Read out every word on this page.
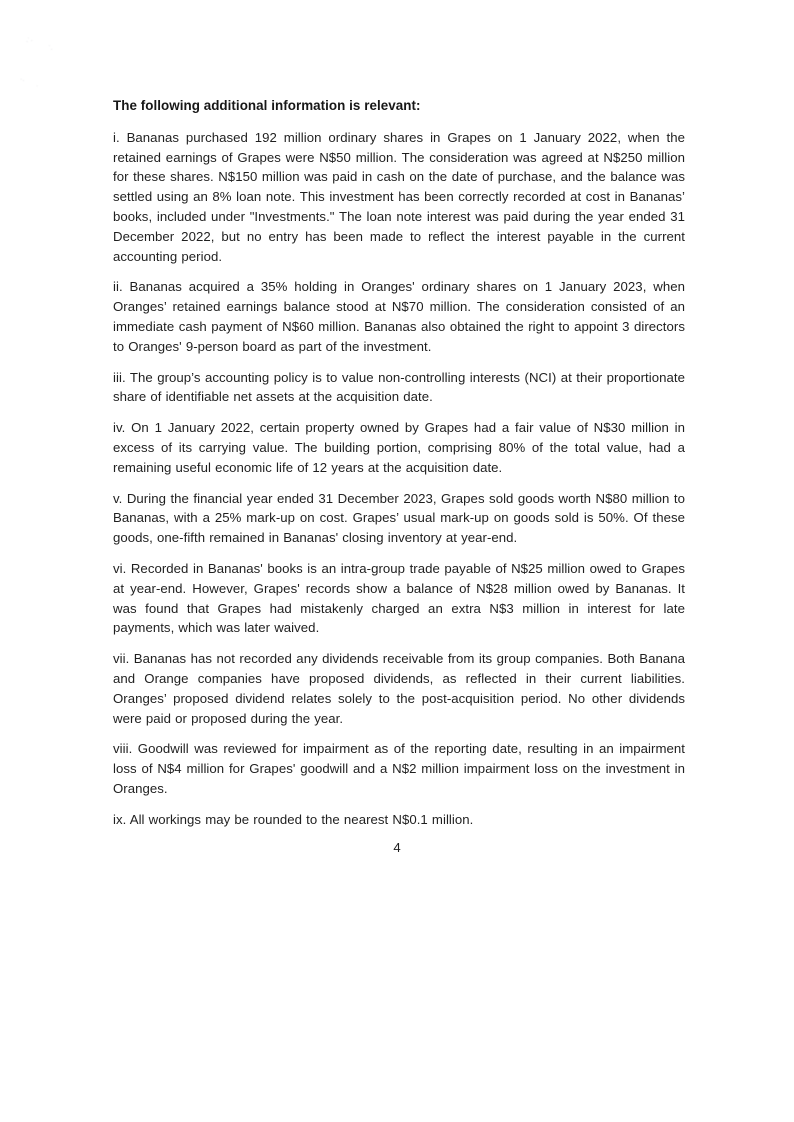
·˙·
˙·
·.
˙
The following additional information is relevant:

i. Bananas purchased 192 million ordinary shares in Grapes on 1 January 2022, when the retained earnings of Grapes were N$50 million. The consideration was agreed at N$250 million for these shares. N$150 million was paid in cash on the date of purchase, and the balance was settled using an 8% loan note. This investment has been correctly recorded at cost in Bananas’ books, included under "Investments." The loan note interest was paid during the year ended 31 December 2022, but no entry has been made to reflect the interest payable in the current accounting period.

ii. Bananas acquired a 35% holding in Oranges' ordinary shares on 1 January 2023, when Oranges’ retained earnings balance stood at N$70 million. The consideration consisted of an immediate cash payment of N$60 million. Bananas also obtained the right to appoint 3 directors to Oranges' 9-person board as part of the investment.

iii. The group’s accounting policy is to value non-controlling interests (NCI) at their proportionate share of identifiable net assets at the acquisition date.

iv. On 1 January 2022, certain property owned by Grapes had a fair value of N$30 million in excess of its carrying value. The building portion, comprising 80% of the total value, had a remaining useful economic life of 12 years at the acquisition date.

v. During the financial year ended 31 December 2023, Grapes sold goods worth N$80 million to Bananas, with a 25% mark-up on cost. Grapes’ usual mark-up on goods sold is 50%. Of these goods, one-fifth remained in Bananas' closing inventory at year-end.

vi. Recorded in Bananas' books is an intra-group trade payable of N$25 million owed to Grapes at year-end. However, Grapes' records show a balance of N$28 million owed by Bananas. It was found that Grapes had mistakenly charged an extra N$3 million in interest for late payments, which was later waived.

vii. Bananas has not recorded any dividends receivable from its group companies. Both Banana and Orange companies have proposed dividends, as reflected in their current liabilities. Oranges’ proposed dividend relates solely to the post-acquisition period. No other dividends were paid or proposed during the year.

viii. Goodwill was reviewed for impairment as of the reporting date, resulting in an impairment loss of N$4 million for Grapes' goodwill and a N$2 million impairment loss on the investment in Oranges.

ix. All workings may be rounded to the nearest N$0.1 million.

4
